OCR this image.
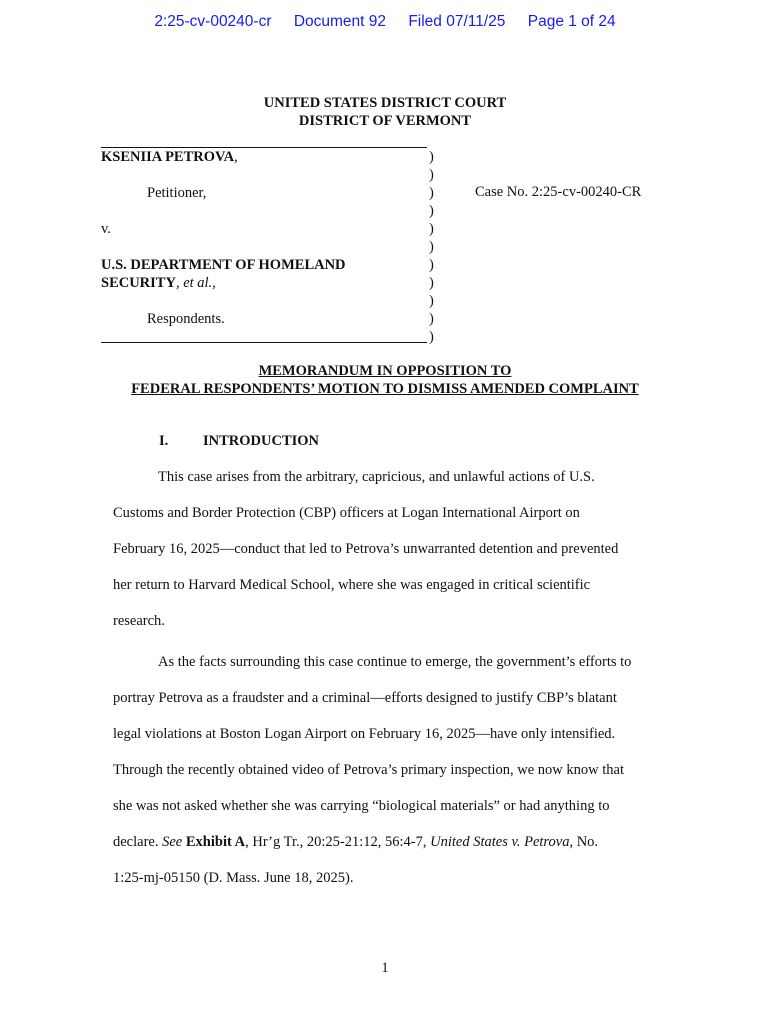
2:25-cv-00240-cr Document 92 Filed 07/11/25 Page 1 of 24
UNITED STATES DISTRICT COURT
DISTRICT OF VERMONT
KSENIIA PETROVA,
Petitioner,
v.
U.S. DEPARTMENT OF HOMELAND
SECURITY, et al.,
Respondents.
)
)
)
)
)
)
)
)
)
)
)
Case No. 2:25-cv-00240-CR
MEMORANDUM IN OPPOSITION TO
FEDERAL RESPONDENTS’ MOTION TO DISMISS AMENDED COMPLAINT
I. INTRODUCTION
This case arises from the arbitrary, capricious, and unlawful actions of U.S.
Customs and Border Protection (CBP) officers at Logan International Airport on
February 16, 2025—conduct that led to Petrova’s unwarranted detention and prevented
her return to Harvard Medical School, where she was engaged in critical scientific
research.
As the facts surrounding this case continue to emerge, the government’s efforts to
portray Petrova as a fraudster and a criminal—efforts designed to justify CBP’s blatant
legal violations at Boston Logan Airport on February 16, 2025—have only intensified.
Through the recently obtained video of Petrova’s primary inspection, we now know that
she was not asked whether she was carrying “biological materials” or had anything to
declare. See Exhibit A, Hr’g Tr., 20:25-21:12, 56:4-7, United States v. Petrova, No.
1:25-mj-05150 (D. Mass. June 18, 2025).
1
